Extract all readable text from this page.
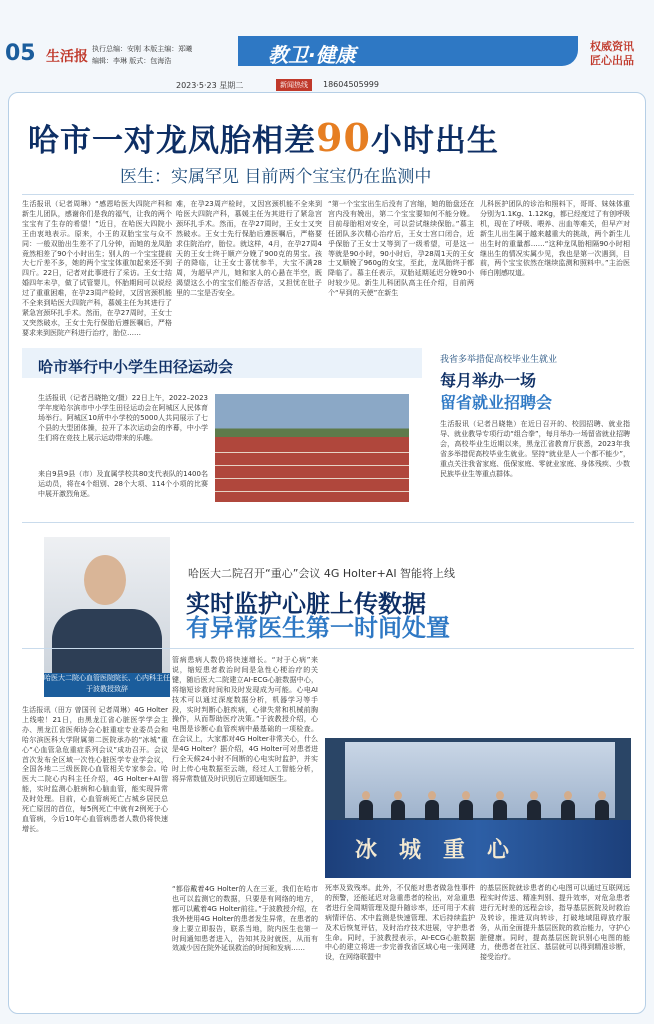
05 生活报 执行总编：安刚 本版主编：郑曦
编辑：李琳 版式：包海浩	教卫·健康	权威资讯
匠心出品
2023·5·23 星期二	新闻热线	18604505999
哈市一对龙凤胎相差90小时出生
医生：实属罕见 目前两个宝宝仍在监测中
生活报讯（记者周琳）“感恩哈医大四院产科和新生儿团队，感谢你们是我的福气，让我的两个宝宝有了生存的希望！”近日，在哈医大四院小王由衷地表示。原来，小王的双胎宝宝与众不同：一般双胎出生差不了几分钟，而她的龙凤胎竟然相差了90个小时出生；别人的一个宝宝提前大七斤差不多，她的两个宝宝体重加起来还不到四斤。22日，记者对此事进行了采访。王女士结婚四年未孕，做了试管婴儿，怀胎期间可以说经过了重重困难，在孕23周产检时，又因宫颈机能不全来到哈医大四院产科，慕媛主任为其进行了紧急宫颈环扎手术。然而，在孕27周时，王女士又突然破水，王女士先行保胎后遵医嘱后，严格要求来到医院产科进行治疗，胎位……
难，在孕23周产检时，又因宫颈机能不全来到哈医大四院产科，慕媛主任为其进行了紧急宫颈环扎手术。然而，在孕27周时，王女士又突然破水。王女士先行保胎后遵医嘱后，严格要求住院治疗，胎位。就这样，4月，在孕27周4天的王女士终于顺产分娩了900克的男宝。孩子的降临，让王女士喜忧参半，大宝不满28周，为超早产儿，她和家人的心悬在半空，既渴望这么小的宝宝们能否存活，又担忧在肚子里的二宝是否安全。
“第一个宝宝出生后没有了宫缩，她的胎盘还在宫内没有娩出，第二个宝宝要如何不能分娩。目前母胎相对安全，可以尝试继续保胎。”慕主任团队多次精心治疗后，王女士宫口闭合，近乎保胎了王女士又等到了一级希望，可是这一等就是90小时，90小时后，孕28周1天的王女士又顺娩了960g的女宝，至此，龙凤胎终于都降临了。慕主任表示，双胎延期延迟分娩90小时较少见。新生儿科团队高主任介绍，目前两个“早到的天使”在新生
儿科医护团队的诊治和照料下，哥哥、妹妹体重分别为1.1Kg、1.12Kg，都已经度过了有创呼吸机，现在了呼吸、喂养、出血等难关，但早产对新生儿出生属于越来越重大的挑战，两个新生儿出生时的重量都……“这种龙凤胎相隔90小时相继出生的情况实属少见，我也是第一次遇到，目前，两个宝宝依然在继续监测和照料中。”主治医师白刚感叹道。
哈市举行中小学生田径运动会
生活报讯（记者吕晓艳文/摄）22日上午，2022–2023学年度哈尔滨市中小学生田径运动会在阿城区人民体育场举行。阿城区10所中小学校的5000人共同展示了七个县的大型团体操，拉开了本次运动会的序幕，中小学生们将在竞技上展示运动带来的乐趣。
来自9县9县（市）及直属学校共80支代表队的1400名运动员，将在4个组别、28个大项、114个小项的比赛中展开激烈角逐。
我省多举措促高校毕业生就业
每月举办一场
留省就业招聘会
生活报讯（记者吕晓艳）在近日召开的、校园招聘、就业指导、就业教导专项行动“组合拳”，每月举办一场留省就业招聘会，高校毕业生近期以来，黑龙江省教育厅获悉，2023年我省多举措促高校毕业生就业。坚持“就业是人一个都不能少”，重点关注我省家庭、低保家庭、零就业家庭、身体残疾、少数民族毕业生等重点群体。
哈医大二院心血管医院院长、心内科主任于波教授致辞
哈医大二院召开“重心”会议 4G Holter+AI 智能将上线
实时监护心脏上传数据
有异常医生第一时间处置
生活报讯（田方 曾国刊 记者周琳）4G Holter上线啦！21日，由黑龙江省心脏医学学会主办、黑龙江省医师协会心脏重症专业委员会和哈尔滨医科大学附属第二医院承办的“冰城”重心“心血管急危重症系列会议”成功召开。会议首次发布全区域一次性心脏医学专业学会议，全国各地二三级医院心血管相关专家参会。哈医大二院心内科主任介绍，4G Holter+AI智能，实时监测心脏病和心脑血管，能实现异常及时处理。目前，心血管病死亡占城乡居民总死亡原因的首位，每5例死亡中就有2例死于心血管病，今后10年心血管病患者人数仍将快速增长。
管病患病人数仍将快速增长。“对于心病”来说，缩短患者救治时间是急性心梗治疗的关键，随后医大二院建立AI-ECG心脏数据中心，将缩短诊救时间和及时发现成为可能。心电AI技术可以通过深度数据分析，机器学习等手段，实时判断心脏疾病，心律失常和机械前胸操作，从而帮助医疗决策。”于波教授介绍，心电图是诊断心血管疾病中最基础的一项检查。在会议上，大家都对4G Holter非常关心，什么是4G Holter？据介绍，4G Holter可对患者进行全天候24小时不间断的心电实时监护，并实时上传心电数据至云端，经过人工智能分析，将异常数值及时识别后立即通知医生。
“都俗戴着4G Holter的人在三亚，我们在哈市也可以监测它的数据，只要是有网络的地方，都可以戴着4G Holter前往。”于波教授介绍，在我外使用4G Holter的患者发生异常，在患者的身上要立即报告，联系当地，院内医生也第一时间通知患者进入，告知其及时就医，从而有效减少因在院外延误救治的时间和发病……
冰城重心
死率及致残率。此外，不仅能对患者做急性事件的预警，还能延迟对急重患者的检出，对急重患者进行全周期管理及提升随诊率，还可用于术前病情评估、术中监测是快速管理、术后持续监护及术后恢复评估，及时治疗技术进展，守护患者生命。同时，于波教授表示，AI-ECG心脏数据中心的建立将进一步完善我省区域心电一张网建设，在网络联盟中
的基层医院就诊患者的心电图可以通过互联网远程实时传送、精准判别、提升效率，对危急患者进行无时差的远程会诊，指导基层医院及时救治及转诊，推进双向转诊，打破地域阻碍放疗服务，从而全面提升基层医院的救治能力，守护心脏健康。同时，提高基层医院识别心电图的能力，使患者在社区、基层就可以得到精准诊断，接受治疗。
